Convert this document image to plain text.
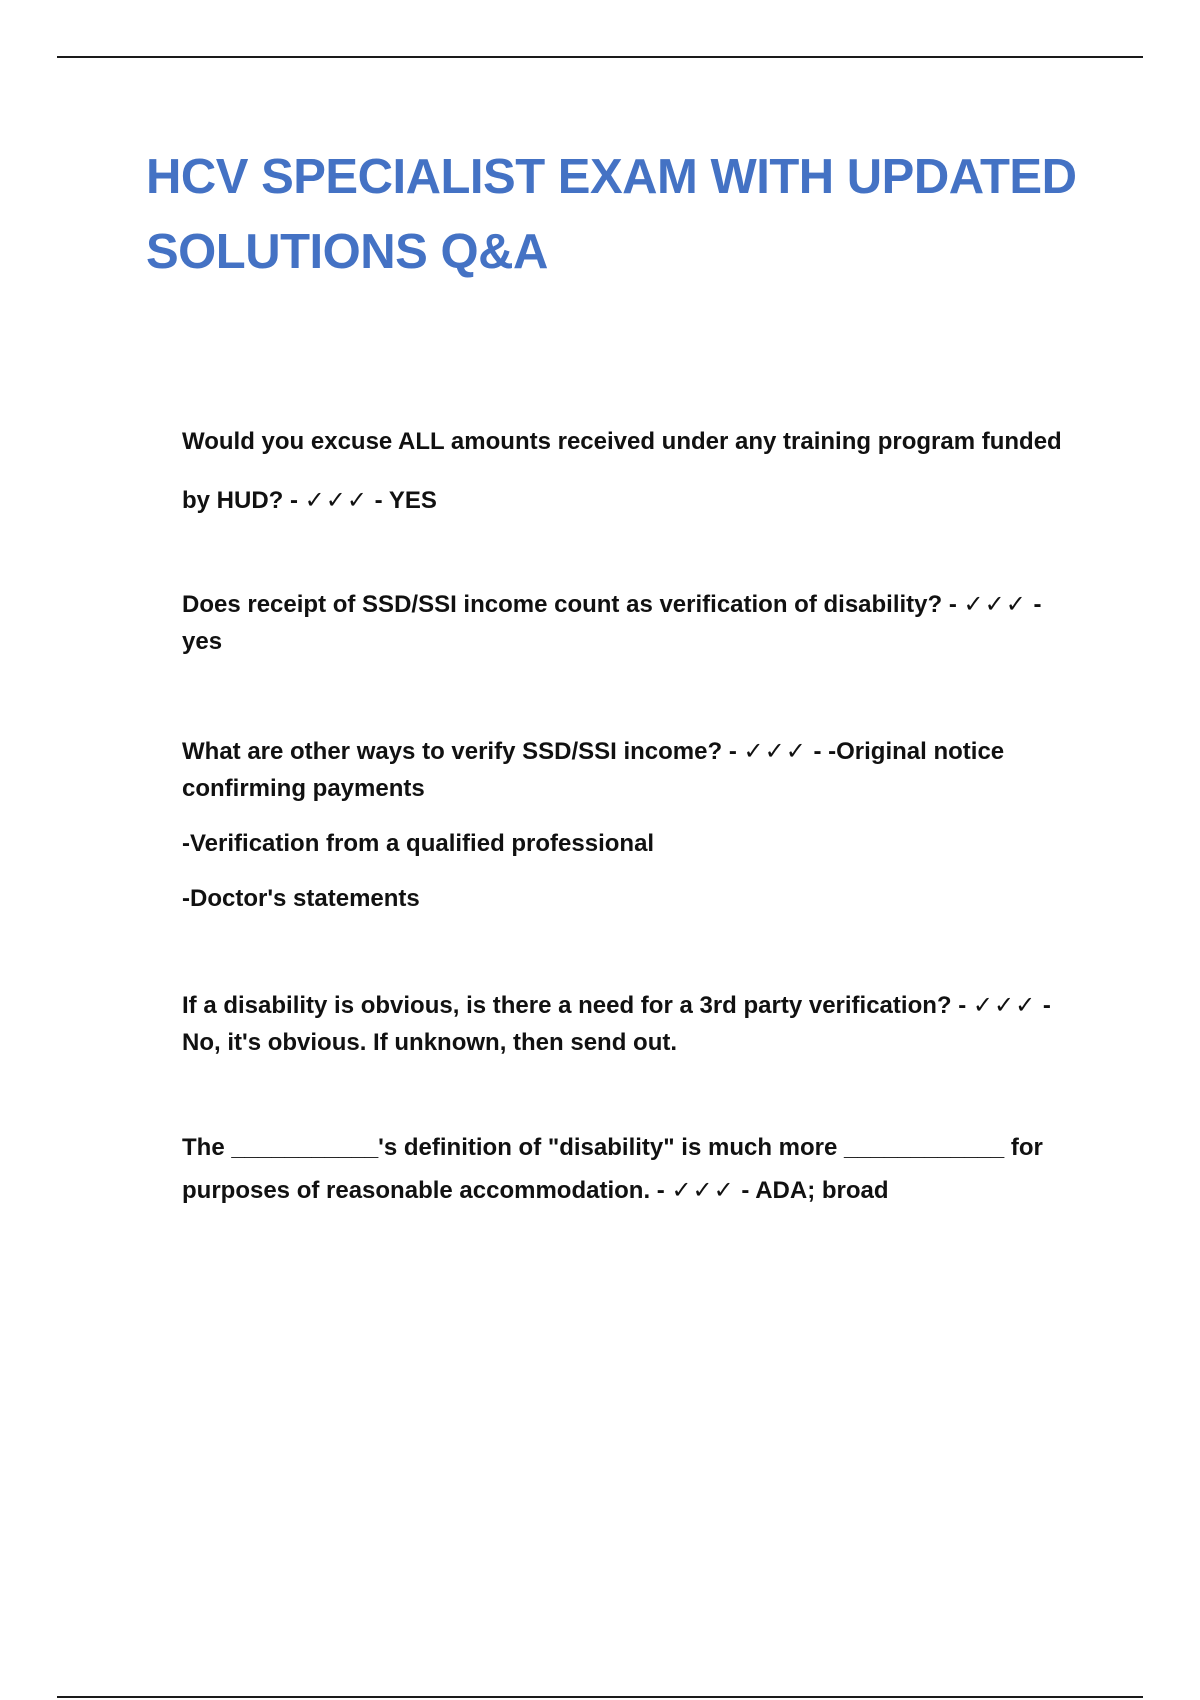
HCV SPECIALIST EXAM WITH UPDATED SOLUTIONS Q&A

Would you excuse ALL amounts received under any training program funded by HUD? - ✓✓✓ - YES

Does receipt of SSD/SSI income count as verification of disability? - ✓✓✓ - yes

What are other ways to verify SSD/SSI income? - ✓✓✓ - -Original notice confirming payments

-Verification from a qualified professional

-Doctor's statements

If a disability is obvious, is there a need for a 3rd party verification? - ✓✓✓ - No, it's obvious. If unknown, then send out.

The ___________'s definition of "disability" is much more ____________ for purposes of reasonable accommodation. - ✓✓✓ - ADA; broad
